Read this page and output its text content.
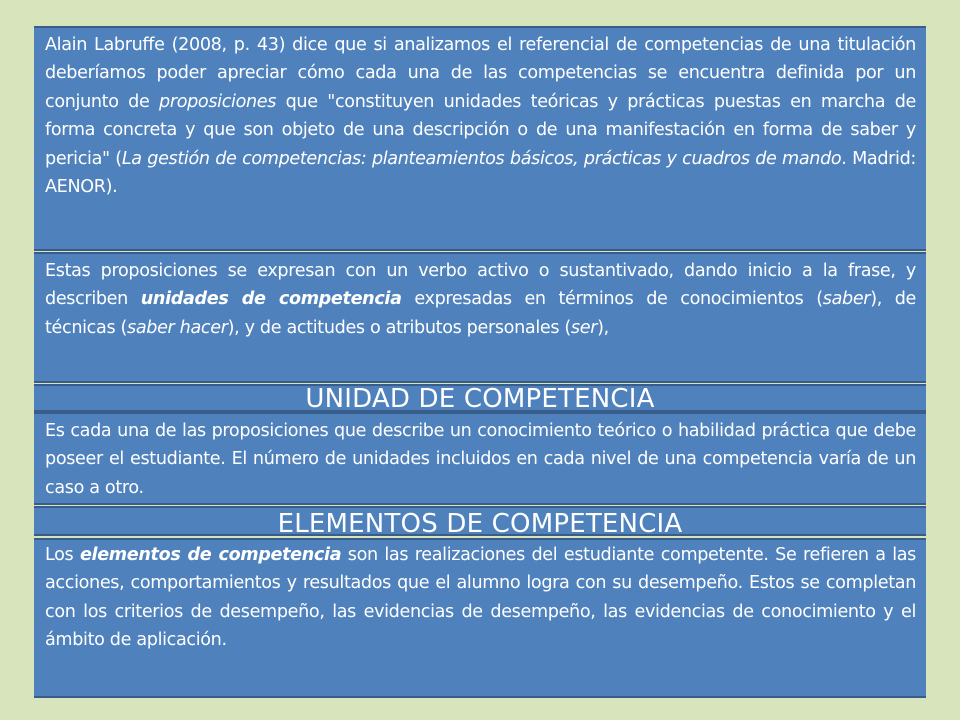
Alain Labruffe (2008, p. 43) dice que si analizamos el referencial de competencias de una titulación deberíamos poder apreciar cómo cada una de las competencias se encuentra definida por un conjunto de proposiciones que "constituyen unidades teóricas y prácticas puestas en marcha de forma concreta y que son objeto de una descripción o de una manifestación en forma de saber y pericia" (La gestión de competencias: planteamientos básicos, prácticas y cuadros de mando. Madrid: AENOR).
Estas proposiciones se expresan con un verbo activo o sustantivado, dando inicio a la frase, y describen unidades de competencia expresadas en términos de conocimientos (saber), de técnicas (saber hacer), y de actitudes o atributos personales (ser),
UNIDAD DE COMPETENCIA
Es cada una de las proposiciones que describe un conocimiento teórico o habilidad práctica que debe poseer el estudiante. El número de unidades incluidos en cada nivel de una competencia varía de un caso a otro.
ELEMENTOS DE COMPETENCIA
Los elementos de competencia son las realizaciones del estudiante competente. Se refieren a las acciones, comportamientos y resultados que el alumno logra con su desempeño. Estos se completan con los criterios de desempeño, las evidencias de desempeño, las evidencias de conocimiento y el ámbito de aplicación.
